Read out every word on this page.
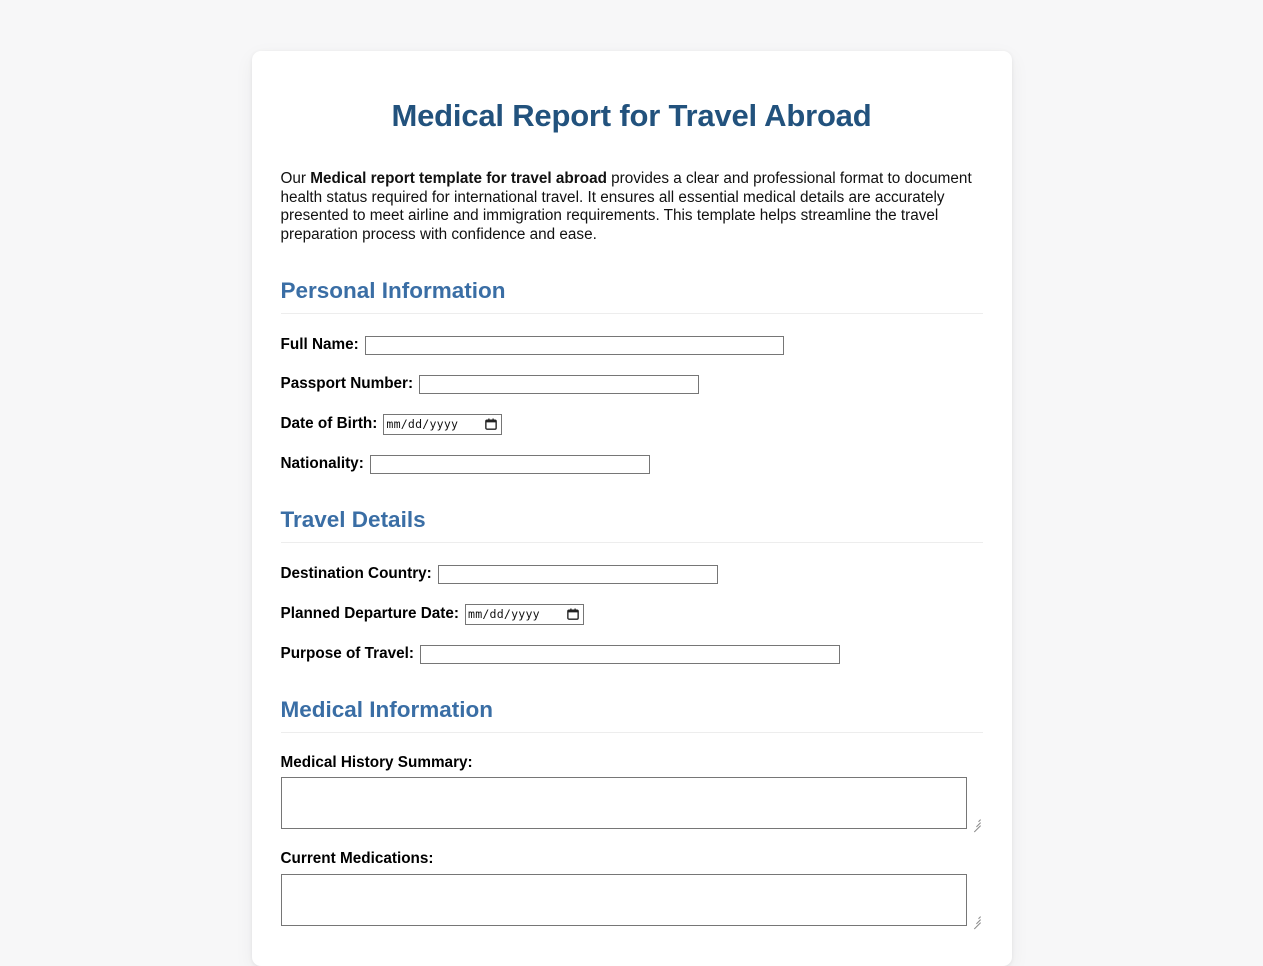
Medical Report for Travel Abroad

Our Medical report template for travel abroad provides a clear and professional format to document health status required for international travel. It ensures all essential medical details are accurately presented to meet airline and immigration requirements. This template helps streamline the travel preparation process with confidence and ease.

Personal Information
Full Name:
Passport Number:
Date of Birth: mm/dd/yyyy
Nationality:
Travel Details
Destination Country:
Planned Departure Date: mm/dd/yyyy
Purpose of Travel:
Medical Information
Medical History Summary:
Current Medications:
